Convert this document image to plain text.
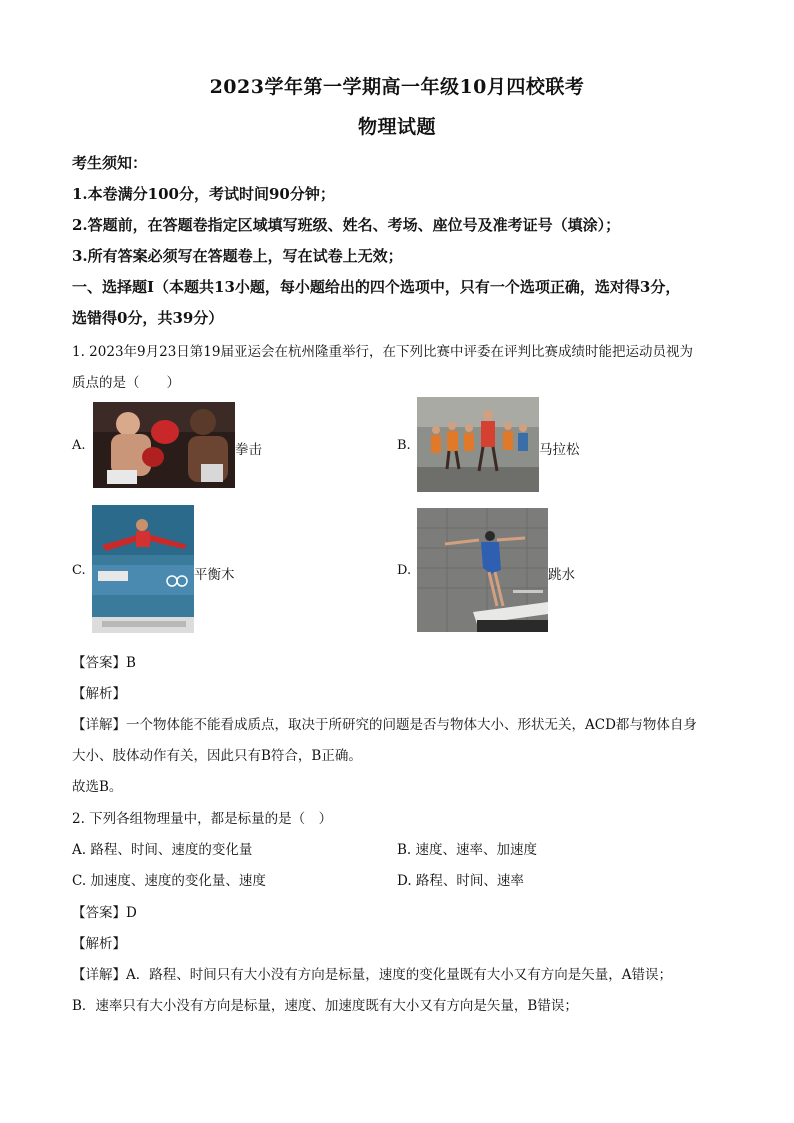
2023学年第一学期高一年级10月四校联考
物理试题
考生须知：
1.本卷满分100分，考试时间90分钟；
2.答题前，在答题卷指定区域填写班级、姓名、考场、座位号及准考证号（填涂）；
3.所有答案必须写在答题卷上，写在试卷上无效；
一、选择题Ⅰ（本题共13小题，每小题给出的四个选项中，只有一个选项正确，选对得3分，
选错得0分，共39分）
1. 2023年9月23日第19届亚运会在杭州隆重举行，在下列比赛中评委在评判比赛成绩时能把运动员视为
质点的是（　　）
A.	拳击	B.	马拉松
C.	平衡木	D.	跳水
【答案】B
【解析】
【详解】一个物体能不能看成质点，取决于所研究的问题是否与物体大小、形状无关，ACD都与物体自身
大小、肢体动作有关，因此只有B符合，B正确。
故选B。
2. 下列各组物理量中，都是标量的是（　）
A. 路程、时间、速度的变化量	B. 速度、速率、加速度
C. 加速度、速度的变化量、速度	D. 路程、时间、速率
【答案】D
【解析】
【详解】A．路程、时间只有大小没有方向是标量，速度的变化量既有大小又有方向是矢量，A错误；
B．速率只有大小没有方向是标量，速度、加速度既有大小又有方向是矢量，B错误；
